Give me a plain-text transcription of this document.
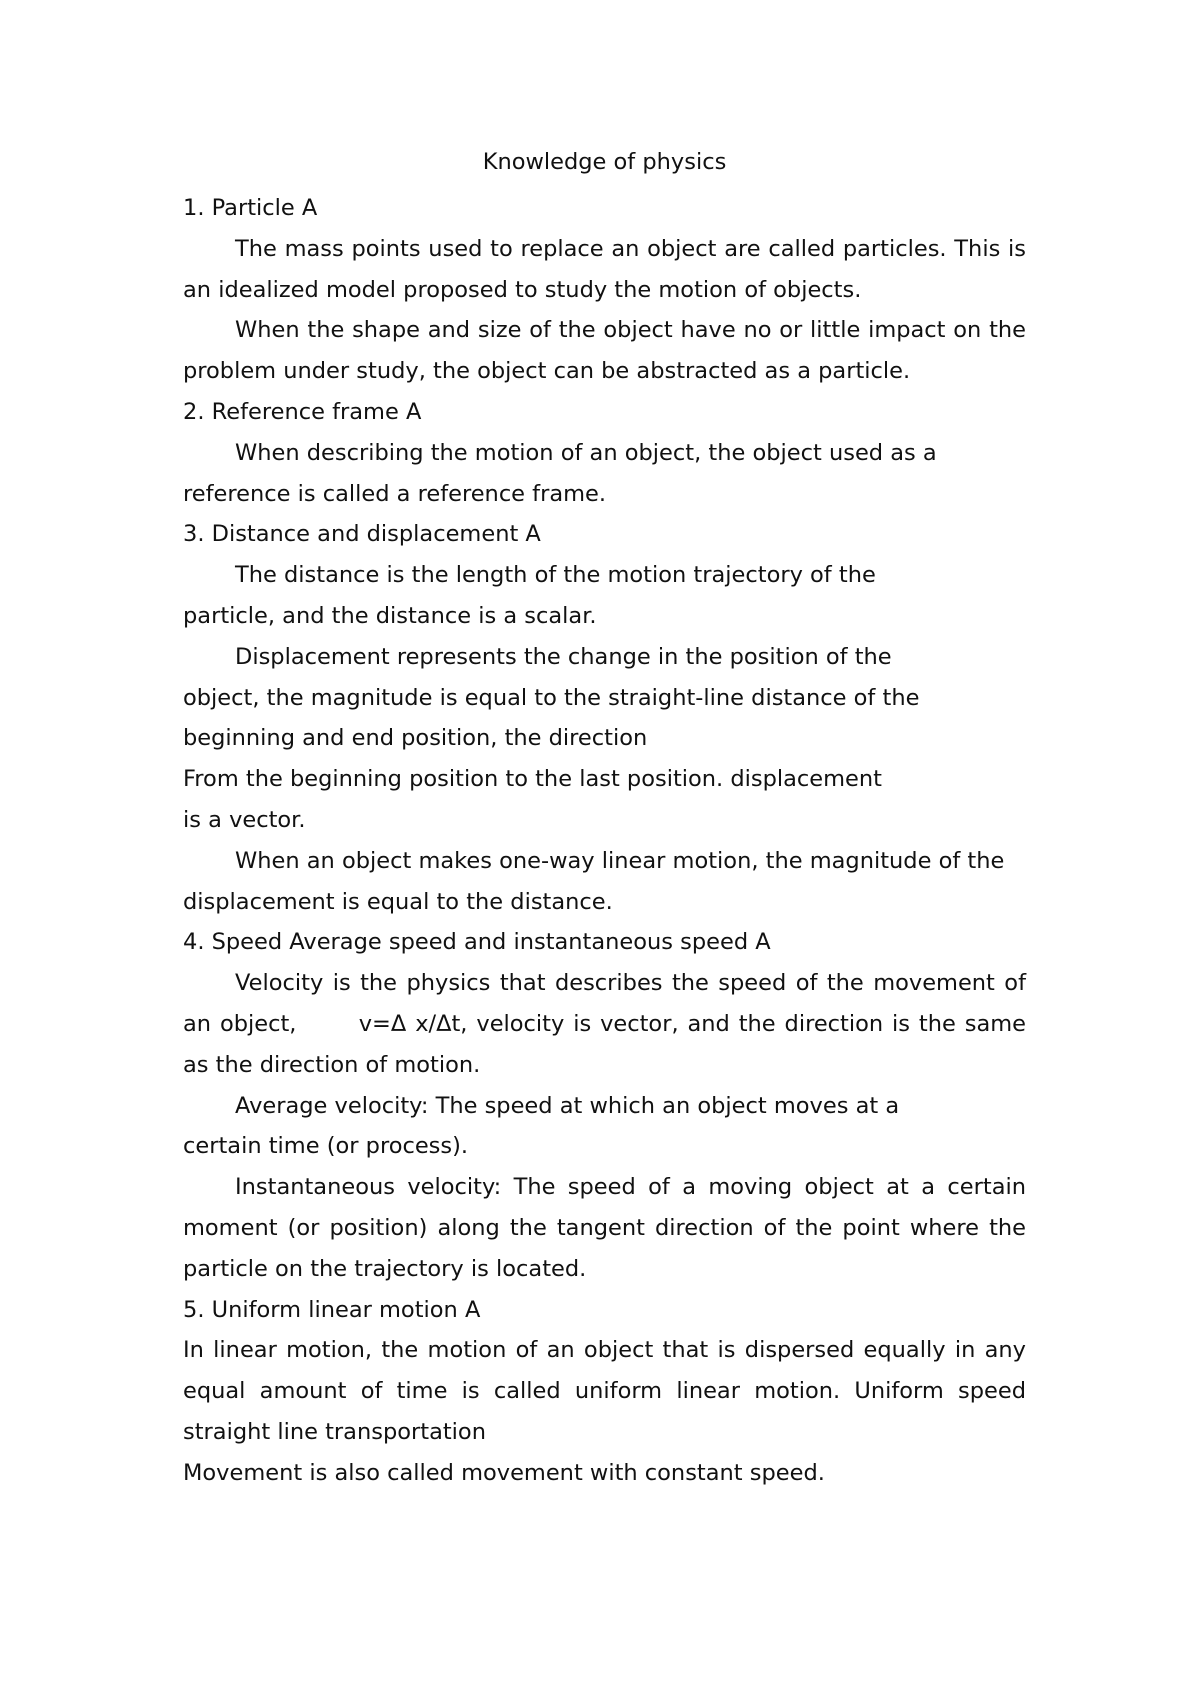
Knowledge of physics

1. Particle A

The mass points used to replace an object are called particles. This is an idealized model proposed to study the motion of objects.

When the shape and size of the object have no or little impact on the problem under study, the object can be abstracted as a particle.

2. Reference frame A

When describing the motion of an object, the object used as a reference is called a reference frame.

3. Distance and displacement A

The distance is the length of the motion trajectory of the particle, and the distance is a scalar.

Displacement represents the change in the position of the object, the magnitude is equal to the straight-line distance of the beginning and end position, the direction

From the beginning position to the last position. displacement

is a vector.

When an object makes one-way linear motion, the magnitude of the displacement is equal to the distance.

4. Speed Average speed and instantaneous speed A

Velocity is the physics that describes the speed of the movement of an object,	v=Δ x/Δt, velocity is vector, and the direction is the same as the direction of motion.

Average velocity: The speed at which an object moves at a certain time (or process).

Instantaneous velocity: The speed of a moving object at a certain moment (or position) along the tangent direction of the point where the particle on the trajectory is located.

5. Uniform linear motion A

In linear motion, the motion of an object that is dispersed equally in any equal amount of time is called uniform linear motion. Uniform speed straight line transportation

Movement is also called movement with constant speed.
